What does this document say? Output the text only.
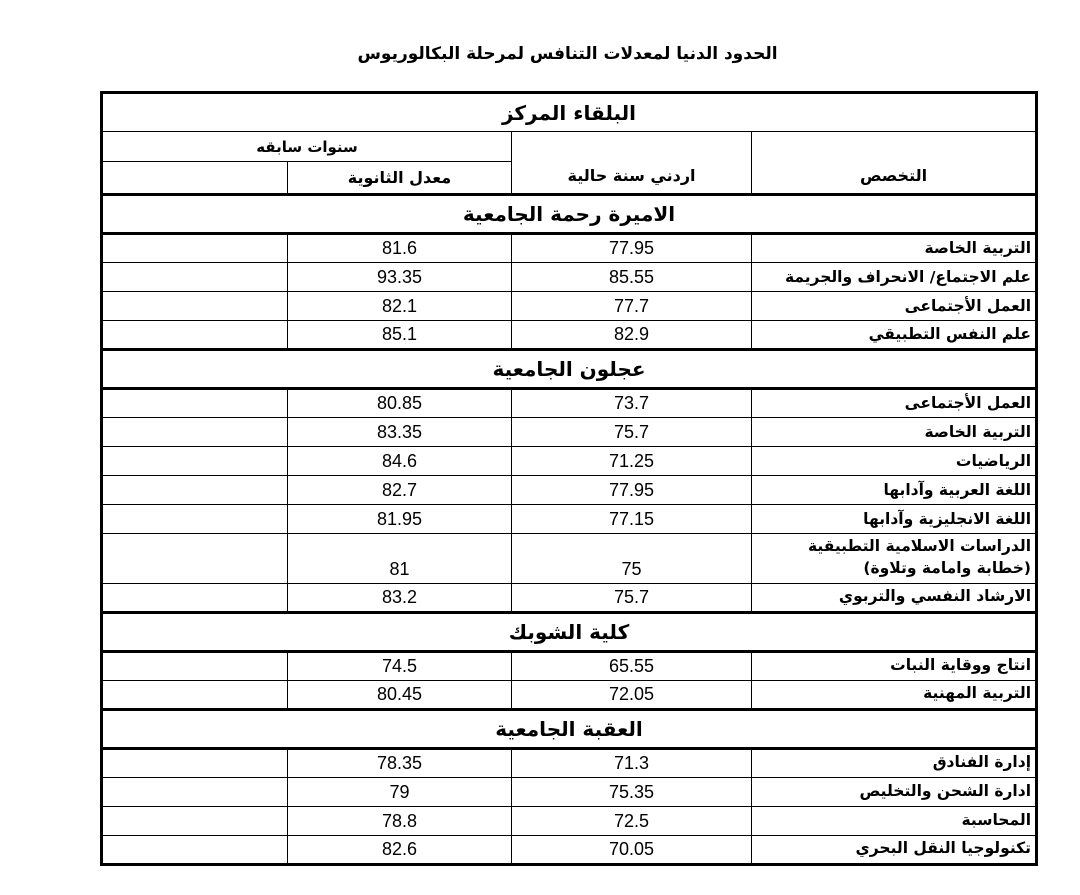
الحدود الدنيا لمعدلات التنافس لمرحلة البكالوريوس
البلقاء المركز			
التخصص	اردني سنة حالية	سنوات سابقه	
		معدل الثانوية	
الاميرة رحمة الجامعية			
التربية الخاصة	77.95	81.6	
علم الاجتماع/ الانحراف والجريمة	85.55	93.35	
العمل الأجتماعى	77.7	82.1	
علم النفس التطبيقي	82.9	85.1	
عجلون الجامعية			
العمل الأجتماعى	73.7	80.85	
التربية الخاصة	75.7	83.35	
الرياضيات	71.25	84.6	
اللغة العربية وآدابها	77.95	82.7	
اللغة الانجليزية وآدابها	77.15	81.95	
الدراسات الاسلامية التطبيقية (خطابة وامامة وتلاوة)	75	81	
الارشاد النفسي والتربوي	75.7	83.2	
كلية الشوبك			
انتاج ووقاية النبات	65.55	74.5	
التربية المهنية	72.05	80.45	
العقبة الجامعية			
إدارة الفنادق	71.3	78.35	
ادارة الشحن والتخليص	75.35	79	
المحاسبة	72.5	78.8	
تكنولوجيا النقل البحري	70.05	82.6	
